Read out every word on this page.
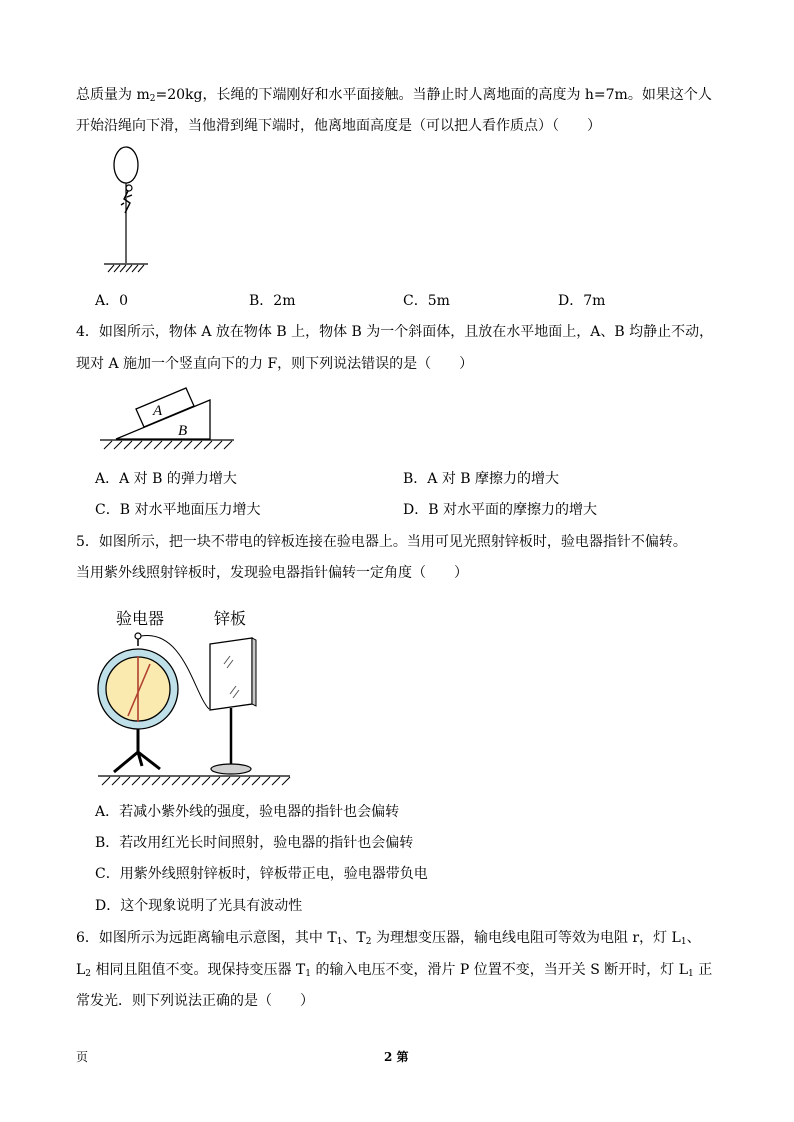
总质量为 $m_2=20kg$，长绳的下端刚好和水平面接触。当静止时人离地面的高度为 h=7m。如果这个人
开始沿绳向下滑，当他滑到绳下端时，他离地面高度是（可以把人看作质点）（　　）
A．0	B．2m	C．5m	D．7m
4．如图所示，物体 A 放在物体 B 上，物体 B 为一个斜面体，且放在水平地面上，A、B 均静止不动，
现对 A 施加一个竖直向下的力 F，则下列说法错误的是（　　）
A
B
A．A 对 B 的弹力增大	B．A 对 B 摩擦力的增大
C．B 对水平地面压力增大	D．B 对水平面的摩擦力的增大
5．如图所示，把一块不带电的锌板连接在验电器上。当用可见光照射锌板时，验电器指针不偏转。
当用紫外线照射锌板时，发现验电器指针偏转一定角度（　　）
验电器	锌板
A．若减小紫外线的强度，验电器的指针也会偏转
B．若改用红光长时间照射，验电器的指针也会偏转
C．用紫外线照射锌板时，锌板带正电，验电器带负电
D．这个现象说明了光具有波动性
6．如图所示为远距离输电示意图，其中 $T_1$、$T_2$ 为理想变压器，输电线电阻可等效为电阻 r，灯 $L_1$、
$L_2$ 相同且阻值不变。现保持变压器 $T_1$ 的输入电压不变，滑片 P 位置不变，当开关 S 断开时，灯 $L_1$ 正
常发光．则下列说法正确的是（　　）
页	2 第
